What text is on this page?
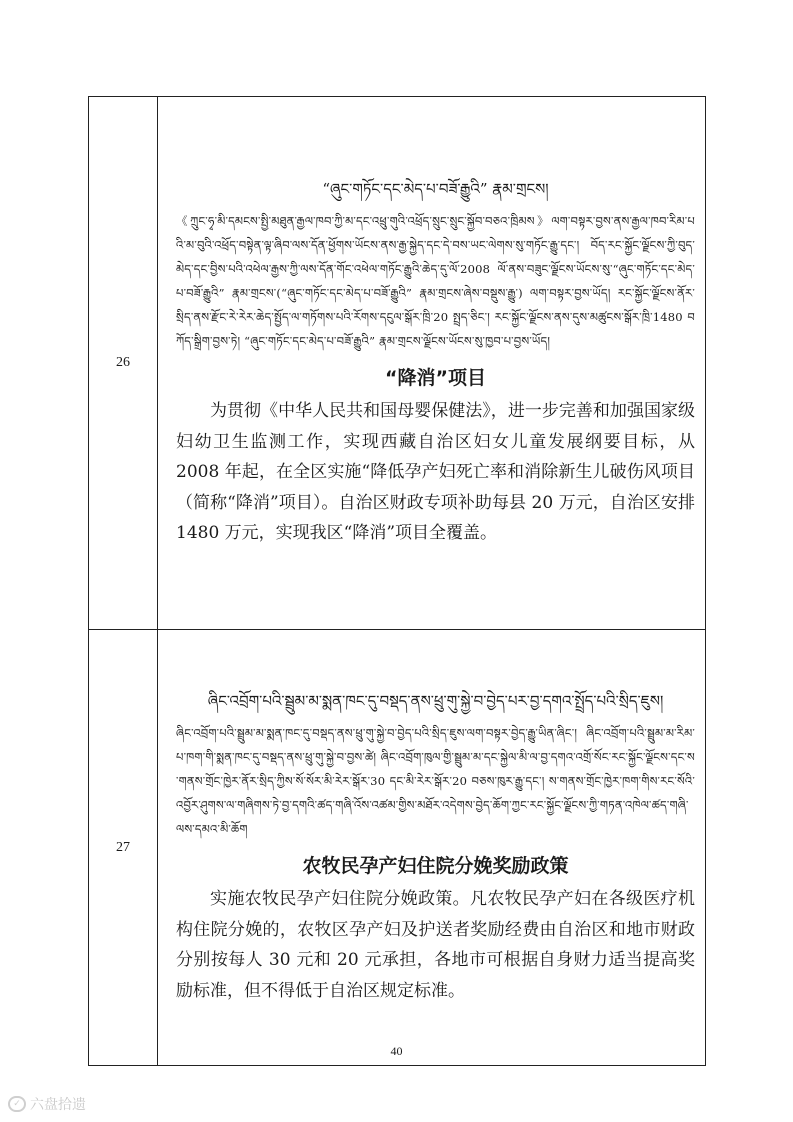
26	“ཞུང་གཏོང་དང་མེད་པ་བཟོ་རྒྱུའི” རྣམ་གྲངས།
《ཀྲུང་ཧྭ་མི་དམངས་སྤྱི་མཐུན་རྒྱལ་ཁབ་ཀྱི་མ་དང་འཕྲུ་གུའི་འཕྲོད་སྲུང་སྲུང་སྐྱོབ་བཅའ་ཁྲིམས》ལག་བསྟར་བྱས་ནས་རྒྱལ་ཁབ་རིམ་པའི་མ་བུའི་འཕྲོད་བསྟེན་ལྟ་ཞིབ་ལས་དོན་ཕྱོགས་ཡོངས་ནས་རྒྱ་སྐྱེད་དང་དེ་བས་ཡང་ལེགས་སུ་གཏོང་རྒྱུ་དང་། བོད་རང་སྐྱོང་ལྗོངས་ཀྱི་བུད་མེད་དང་བྱིས་པའི་འཕེལ་རྒྱས་ཀྱི་ལས་དོན་གོང་འཕེལ་གཏོང་རྒྱུའི་ཆེད་དུ་ལོ་2008 ལོ་ནས་བཟུང་ལྗོངས་ཡོངས་སུ་“ཞུང་གཏོང་དང་མེད་པ་བཟོ་རྒྱུའི” རྣམ་གྲངས་(“ཞུང་གཏོང་དང་མེད་པ་བཟོ་རྒྱུའི” རྣམ་གྲངས་ཞེས་བསྡུས་རྒྱུ་) ལག་བསྟར་བྱས་ཡོད། རང་སྐྱོང་ལྗོངས་ནོར་སྲིད་ནས་རྫོང་རེ་རེར་ཆེད་སྤྱོད་ལ་གཏོགས་པའི་རོགས་དངུལ་སྒོར་ཁྲི་20 སྤྲད་ཅིང་། རང་སྐྱོང་ལྗོངས་ནས་དུས་མཚུངས་སྒོར་ཁྲི་1480 བཀོད་སྒྲིག་བྱས་ཏེ། “ཞུང་གཏོང་དང་མེད་པ་བཟོ་རྒྱུའི” རྣམ་གྲངས་ལྗོངས་ཡོངས་སུ་ཁྱབ་པ་བྱས་ཡོད།
“降消”项目
为贯彻《中华人民共和国母婴保健法》，进一步完善和加强国家级妇幼卫生监测工作，实现西藏自治区妇女儿童发展纲要目标，从 2008 年起，在全区实施“降低孕产妇死亡率和消除新生儿破伤风项目（简称“降消”项目）。自治区财政专项补助每县 20 万元，自治区安排 1480 万元，实现我区“降消”项目全覆盖。

27	ཞིང་འབྲོག་པའི་སྦྲུམ་མ་སྨན་ཁང་དུ་བསྡད་ནས་ཕྲུ་གུ་སྐྱེ་བ་བྱེད་པར་བྱ་དགའ་སྤྲོད་པའི་སྲིད་ཇུས།
ཞིང་འབྲོག་པའི་སྦྲུམ་མ་སྨན་ཁང་དུ་བསྡད་ནས་ཕྲུ་གུ་སྐྱེ་བ་བྱེད་པའི་སྲིད་ཇུས་ལག་བསྟར་བྱེད་རྒྱུ་ཡིན་ཞིང་། ཞིང་འབྲོག་པའི་སྦྲུམ་མ་རིམ་པ་ཁག་གི་སྨན་ཁང་དུ་བསྡད་ནས་ཕྲུ་གུ་སྐྱེ་བ་བྱས་ཚེ། ཞིང་འབྲོག་ཁུལ་གྱི་སྦྲུམ་མ་དང་སྐྱེལ་མི་ལ་བྱ་དགའ་འགྲོ་སོང་རང་སྐྱོང་ལྗོངས་དང་ས་གནས་གྲོང་ཁྱེར་ནོར་སྲིད་ཀྱིས་སོ་སོར་མི་རེར་སྒོར་30 དང་མི་རེར་སྒོར་20 བཅས་ཁུར་རྒྱུ་དང་། ས་གནས་གྲོང་ཁྱེར་ཁག་གིས་རང་སོའི་འབྱོར་ཤུགས་ལ་གཞིགས་ཏེ་བྱ་དགའི་ཚད་གཞི་འོས་འཚམ་གྱིས་མཐོར་འདེགས་བྱེད་ཆོག་ཀྱང་རང་སྐྱོང་ལྗོངས་ཀྱི་གཏན་འཁེལ་ཚད་གཞི་ལས་དམའ་མི་ཆོག
农牧民孕产妇住院分娩奖励政策
实施农牧民孕产妇住院分娩政策。凡农牧民孕产妇在各级医疗机构住院分娩的，农牧区孕产妇及护送者奖励经费由自治区和地市财政分别按每人 30 元和 20 元承担，各地市可根据自身财力适当提高奖励标准，但不得低于自治区规定标准。
40
✓ 六盘拾遗
